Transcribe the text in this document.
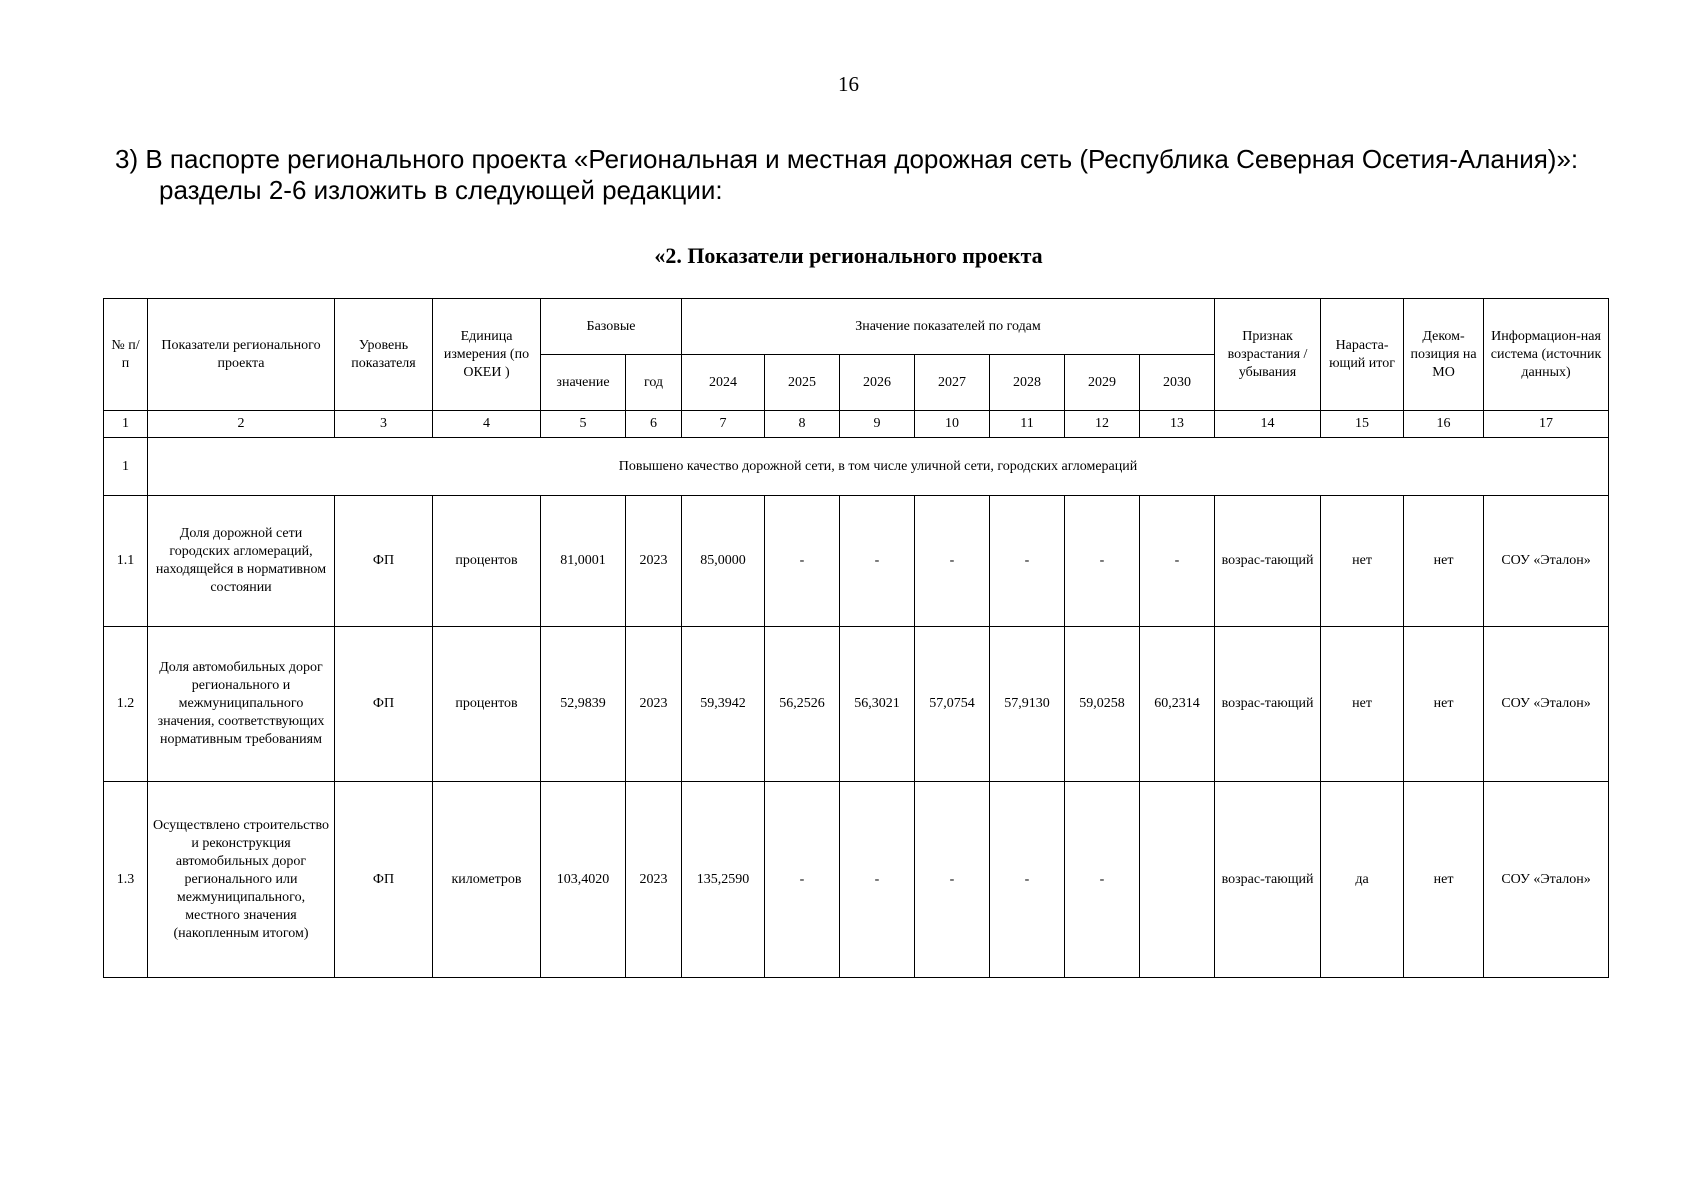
16
3) В паспорте регионального проекта «Региональная и местная дорожная сеть (Республика Северная Осетия-Алания)»:
разделы 2-6 изложить в следующей редакции:
«2. Показатели регионального проекта
№ п/п	Показатели регионального проекта	Уровень показателя	Единица измерения (по ОКЕИ )	Базовые		Значение показателей по годам							Признак возрастания / убывания	Нараста-ющий итог	Деком-позиция на МО	Информацион-ная система (источник данных)
				значение	год	2024	2025	2026	2027	2028	2029	2030				
1	2	3	4	5	6	7	8	9	10	11	12	13	14	15	16	17
1	Повышено качество дорожной сети, в том числе уличной сети, городских агломераций															
1.1	Доля дорожной сети городских агломераций, находящейся в нормативном состоянии	ФП	процентов	81,0001	2023	85,0000	-	-	-	-	-	-	возрас-тающий	нет	нет	СОУ «Эталон»
1.2	Доля автомобильных дорог регионального и межмуниципального значения, соответствующих нормативным требованиям	ФП	процентов	52,9839	2023	59,3942	56,2526	56,3021	57,0754	57,9130	59,0258	60,2314	возрас-тающий	нет	нет	СОУ «Эталон»
1.3	Осуществлено строительство и реконструкция автомобильных дорог регионального или межмуниципального, местного значения (накопленным итогом)	ФП	километров	103,4020	2023	135,2590	-	-	-	-	-		возрас-тающий	да	нет	СОУ «Эталон»
